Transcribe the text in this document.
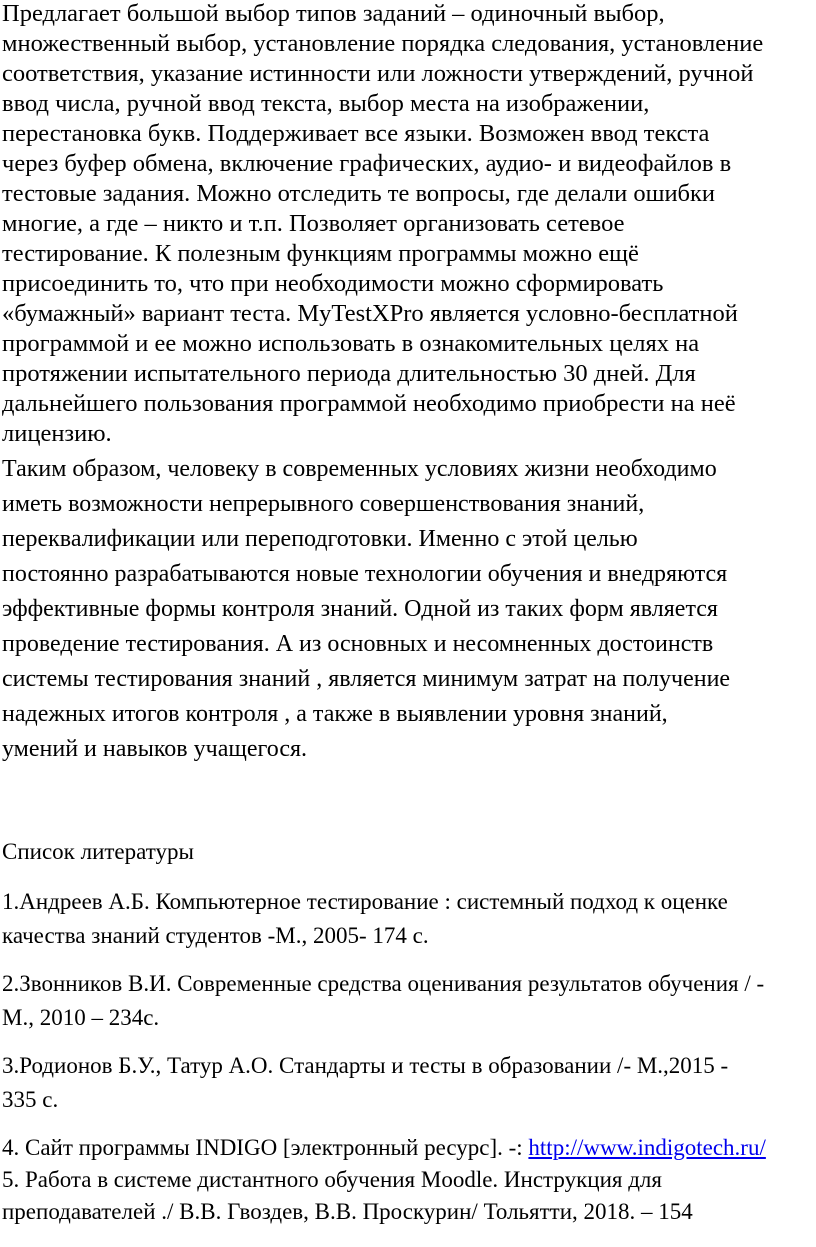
Предлагает большой выбор типов заданий – одиночный выбор,
множественный выбор, установление порядка следования, установление
соответствия, указание истинности или ложности утверждений, ручной
ввод числа, ручной ввод текста, выбор места на изображении,
перестановка букв. Поддерживает все языки. Возможен ввод текста
через буфер обмена, включение графических, аудио- и видеофайлов в
тестовые задания. Можно отследить те вопросы, где делали ошибки
многие, а где – никто и т.п. Позволяет организовать сетевое
тестирование. К полезным функциям программы можно ещё
присоединить то, что при необходимости можно сформировать
«бумажный» вариант теста. MyTestXPro является условно-бесплатной
программой и ее можно использовать в ознакомительных целях на
протяжении испытательного периода длительностью 30 дней. Для
дальнейшего пользования программой необходимо приобрести на неё
лицензию.
Таким образом, человеку в современных условиях жизни необходимо
иметь возможности непрерывного совершенствования знаний,
переквалификации или переподготовки. Именно с этой целью
постоянно разрабатываются новые технологии обучения и внедряются
эффективные формы контроля знаний. Одной из таких форм является
проведение тестирования. А из основных и несомненных достоинств
системы тестирования знаний , является минимум затрат на получение
надежных итогов контроля , а также в выявлении уровня знаний,
умений и навыков учащегося.
Список литературы
1.Андреев А.Б. Компьютерное тестирование : системный подход к оценке
качества знаний студентов -М., 2005- 174 с.
2.Звонников В.И. Современные средства оценивания результатов обучения / -
М., 2010 – 234с.
3.Родионов Б.У., Татур А.О. Стандарты и тесты в образовании /- М.,2015 -
335 с.
4. Сайт программы INDIGO [электронный ресурс]. -: http://www.indigotech.ru/
5. Работа в системе дистантного обучения Moodle. Инструкция для
преподавателей ./ В.В. Гвоздев, В.В. Проскурин/ Тольятти, 2018. – 154
